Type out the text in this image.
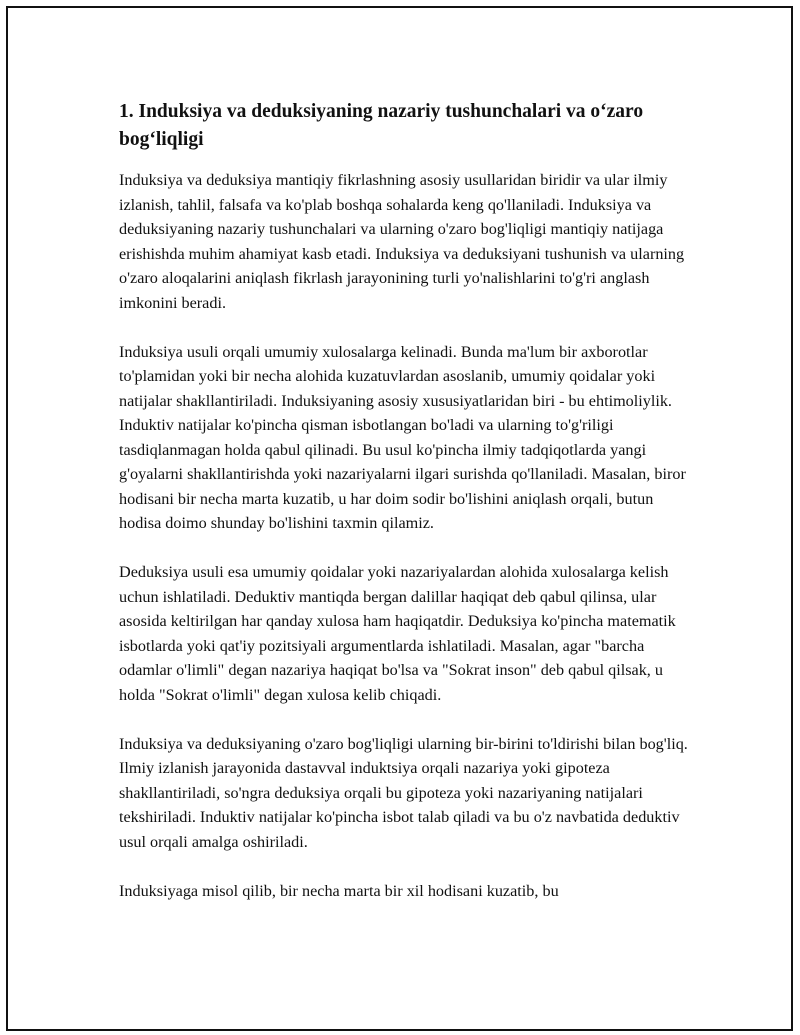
1. Induksiya va deduksiyaning nazariy tushunchalari va o‘zaro bog‘liqligi

Induksiya va deduksiya mantiqiy fikrlashning asosiy usullaridan biridir va ular ilmiy izlanish, tahlil, falsafa va ko'plab boshqa sohalarda keng qo'llaniladi. Induksiya va deduksiyaning nazariy tushunchalari va ularning o'zaro bog'liqligi mantiqiy natijaga erishishda muhim ahamiyat kasb etadi. Induksiya va deduksiyani tushunish va ularning o'zaro aloqalarini aniqlash fikrlash jarayonining turli yo'nalishlarini to'g'ri anglash imkonini beradi.

Induksiya usuli orqali umumiy xulosalarga kelinadi. Bunda ma'lum bir axborotlar to'plamidan yoki bir necha alohida kuzatuvlardan asoslanib, umumiy qoidalar yoki natijalar shakllantiriladi. Induksiyaning asosiy xususiyatlaridan biri - bu ehtimoliylik. Induktiv natijalar ko'pincha qisman isbotlangan bo'ladi va ularning to'g'riligi tasdiqlanmagan holda qabul qilinadi. Bu usul ko'pincha ilmiy tadqiqotlarda yangi g'oyalarni shakllantirishda yoki nazariyalarni ilgari surishda qo'llaniladi. Masalan, biror hodisani bir necha marta kuzatib, u har doim sodir bo'lishini aniqlash orqali, butun hodisa doimo shunday bo'lishini taxmin qilamiz.

Deduksiya usuli esa umumiy qoidalar yoki nazariyalardan alohida xulosalarga kelish uchun ishlatiladi. Deduktiv mantiqda bergan dalillar haqiqat deb qabul qilinsa, ular asosida keltirilgan har qanday xulosa ham haqiqatdir. Deduksiya ko'pincha matematik isbotlarda yoki qat'iy pozitsiyali argumentlarda ishlatiladi. Masalan, agar "barcha odamlar o'limli" degan nazariya haqiqat bo'lsa va "Sokrat inson" deb qabul qilsak, u holda "Sokrat o'limli" degan xulosa kelib chiqadi.

Induksiya va deduksiyaning o'zaro bog'liqligi ularning bir-birini to'ldirishi bilan bog'liq. Ilmiy izlanish jarayonida dastavval induktsiya orqali nazariya yoki gipoteza shakllantiriladi, so'ngra deduksiya orqali bu gipoteza yoki nazariyaning natijalari tekshiriladi. Induktiv natijalar ko'pincha isbot talab qiladi va bu o'z navbatida deduktiv usul orqali amalga oshiriladi.

Induksiyaga misol qilib, bir necha marta bir xil hodisani kuzatib, bu
